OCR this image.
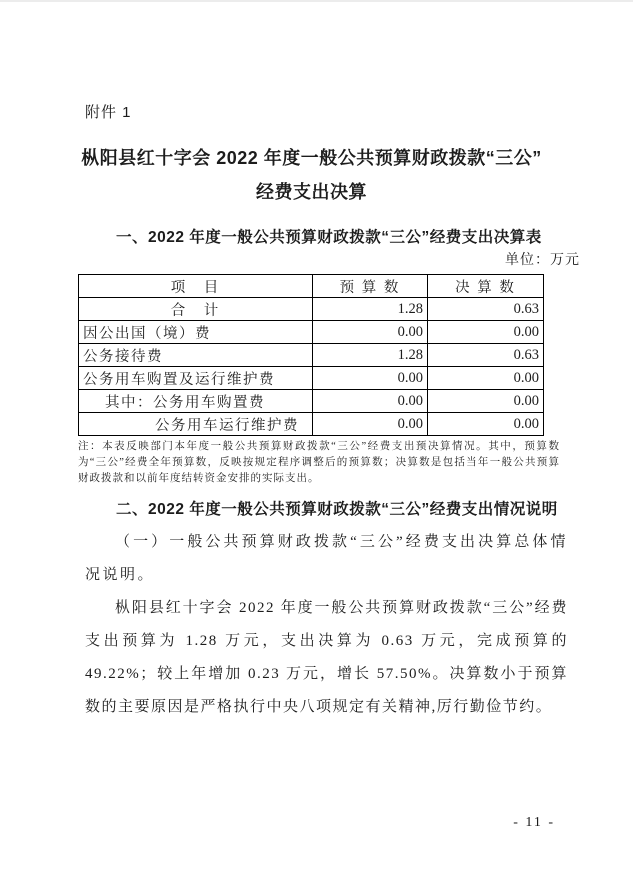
附件 1
枞阳县红十字会 2022 年度一般公共预算财政拨款“三公”
经费支出决算
一、2022 年度一般公共预算财政拨款“三公”经费支出决算表
单位：万元
项　目	预 算 数	决 算 数
合　计	1.28	0.63
因公出国（境）费	0.00	0.00
公务接待费	1.28	0.63
公务用车购置及运行维护费	0.00	0.00
其中：公务用车购置费	0.00	0.00
公务用车运行维护费	0.00	0.00
注：本表反映部门本年度一般公共预算财政拨款“三公”经费支出预决算情况。其中，预算数为“三公”经费全年预算数，反映按规定程序调整后的预算数；决算数是包括当年一般公共预算财政拨款和以前年度结转资金安排的实际支出。
二、2022 年度一般公共预算财政拨款“三公”经费支出情况说明
（一）一般公共预算财政拨款“三公”经费支出决算总体情况说明。
枞阳县红十字会 2022 年度一般公共预算财政拨款“三公”经费支出预算为 1.28 万元，支出决算为 0.63 万元，完成预算的 49.22%；较上年增加 0.23 万元，增长 57.50%。决算数小于预算数的主要原因是严格执行中央八项规定有关精神,厉行勤俭节约。
- 11 -
